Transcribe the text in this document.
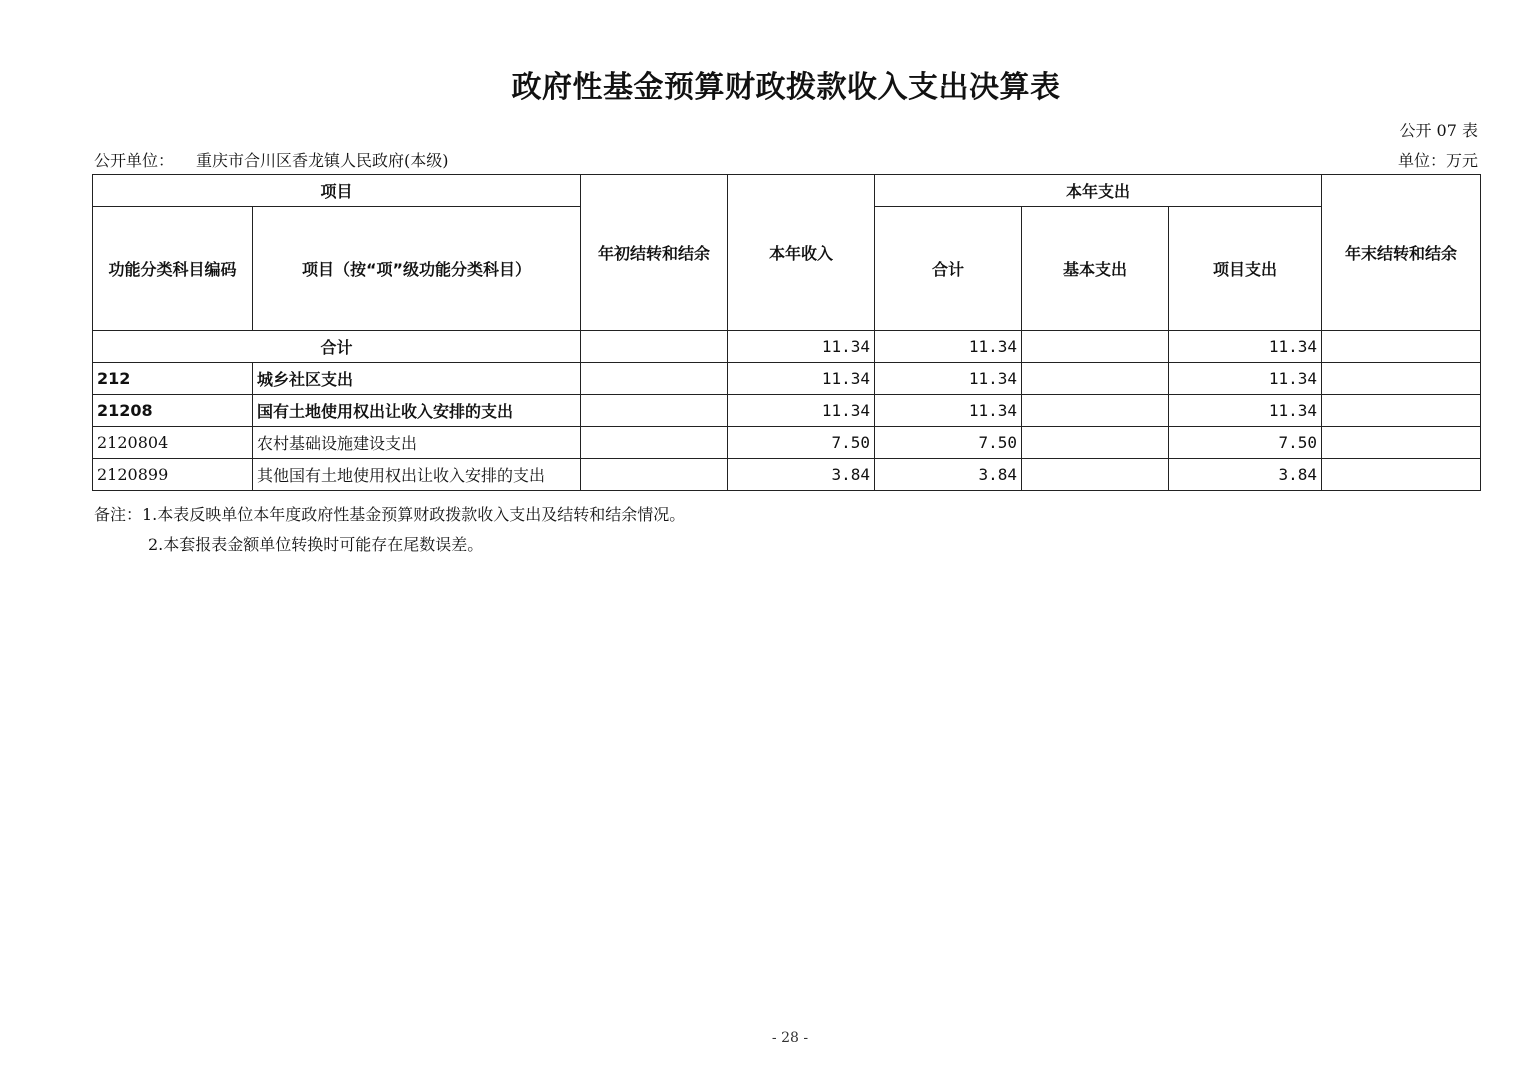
政府性基金预算财政拨款收入支出决算表
公开 07 表
公开单位： 重庆市合川区香龙镇人民政府(本级)	单位：万元
项目		年初结转和结余	本年收入	本年支出			年末结转和结余
功能分类科目编码	项目（按“项”级功能分类科目）			合计	基本支出	项目支出	
合计			11.34	11.34		11.34	
212	城乡社区支出		11.34	11.34		11.34	
21208	国有土地使用权出让收入安排的支出		11.34	11.34		11.34	
2120804	农村基础设施建设支出		7.50	7.50		7.50	
2120899	其他国有土地使用权出让收入安排的支出		3.84	3.84		3.84	
备注：1.本表反映单位本年度政府性基金预算财政拨款收入支出及结转和结余情况。
2.本套报表金额单位转换时可能存在尾数误差。
- 28 -
